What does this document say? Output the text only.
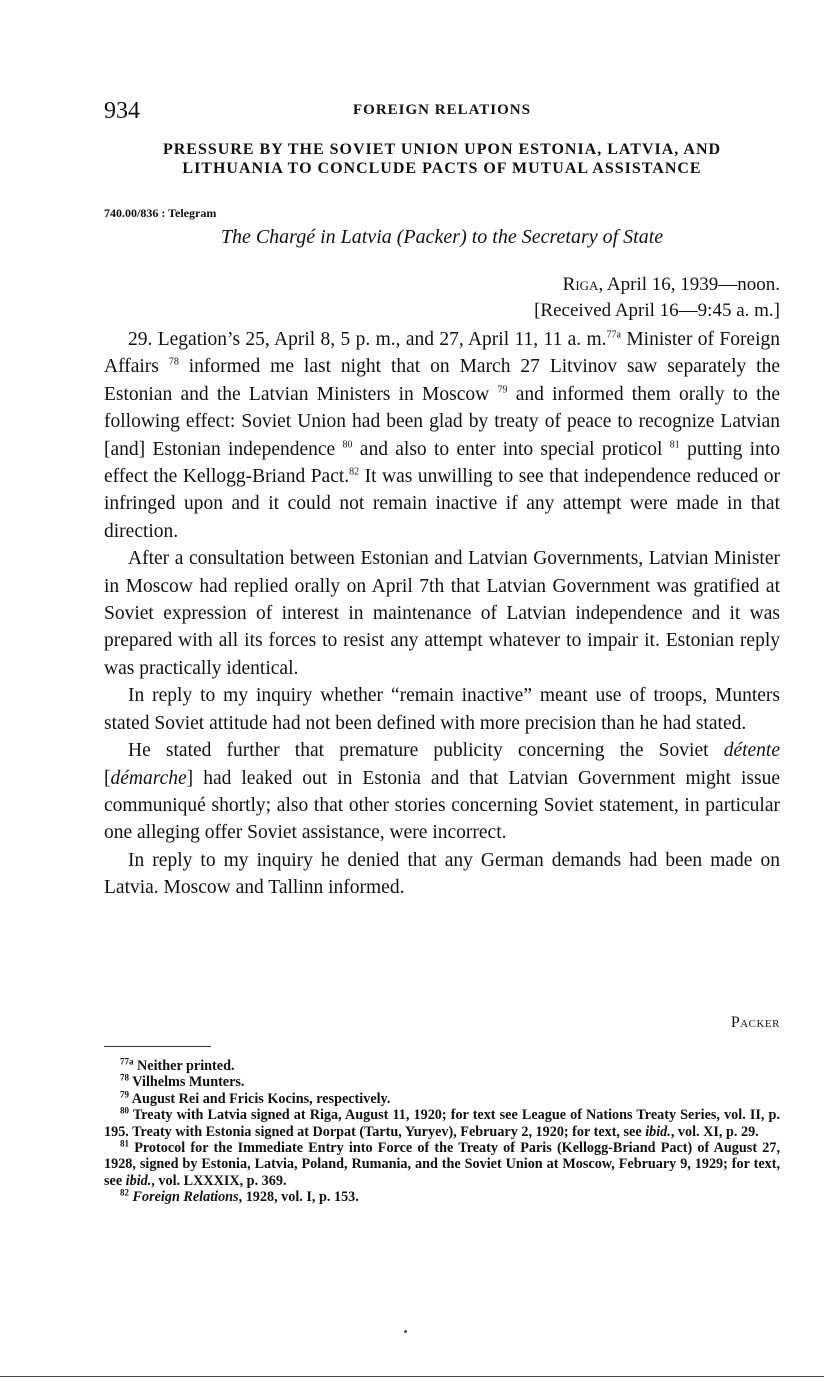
934	FOREIGN RELATIONS
PRESSURE BY THE SOVIET UNION UPON ESTONIA, LATVIA, AND
LITHUANIA TO CONCLUDE PACTS OF MUTUAL ASSISTANCE
740.00/836 : Telegram
The Chargé in Latvia (Packer) to the Secretary of State
Riga, April 16, 1939—noon.
[Received April 16—9:45 a. m.]

29. Legation’s 25, April 8, 5 p. m., and 27, April 11, 11 a. m.$^{77a}$ Minister of Foreign Affairs $^{78}$ informed me last night that on March 27 Litvinov saw separately the Estonian and the Latvian Ministers in Moscow $^{79}$ and informed them orally to the following effect: Soviet Union had been glad by treaty of peace to recognize Latvian [and] Estonian independence $^{80}$ and also to enter into special proticol $^{81}$ putting into effect the Kellogg-Briand Pact.$^{82}$ It was unwilling to see that independence reduced or infringed upon and it could not remain inactive if any attempt were made in that direction.

After a consultation between Estonian and Latvian Governments, Latvian Minister in Moscow had replied orally on April 7th that Latvian Government was gratified at Soviet expression of interest in maintenance of Latvian independence and it was prepared with all its forces to resist any attempt whatever to impair it. Estonian reply was practically identical.

In reply to my inquiry whether “remain inactive” meant use of troops, Munters stated Soviet attitude had not been defined with more precision than he had stated.

He stated further that premature publicity concerning the Soviet détente [démarche] had leaked out in Estonia and that Latvian Government might issue communiqué shortly; also that other stories concerning Soviet statement, in particular one alleging offer Soviet assistance, were incorrect.

In reply to my inquiry he denied that any German demands had been made on Latvia. Moscow and Tallinn informed.

Packer

$^{77a}$ Neither printed.

$^{78}$ Vilhelms Munters.

$^{79}$ August Rei and Fricis Kocins, respectively.

$^{80}$ Treaty with Latvia signed at Riga, August 11, 1920; for text see League of Nations Treaty Series, vol. II, p. 195. Treaty with Estonia signed at Dorpat (Tartu, Yuryev), February 2, 1920; for text, see ibid., vol. XI, p. 29.

$^{81}$ Protocol for the Immediate Entry into Force of the Treaty of Paris (Kellogg-Briand Pact) of August 27, 1928, signed by Estonia, Latvia, Poland, Rumania, and the Soviet Union at Moscow, February 9, 1929; for text, see ibid., vol. LXXXIX, p. 369.

$^{82}$ Foreign Relations, 1928, vol. I, p. 153.
